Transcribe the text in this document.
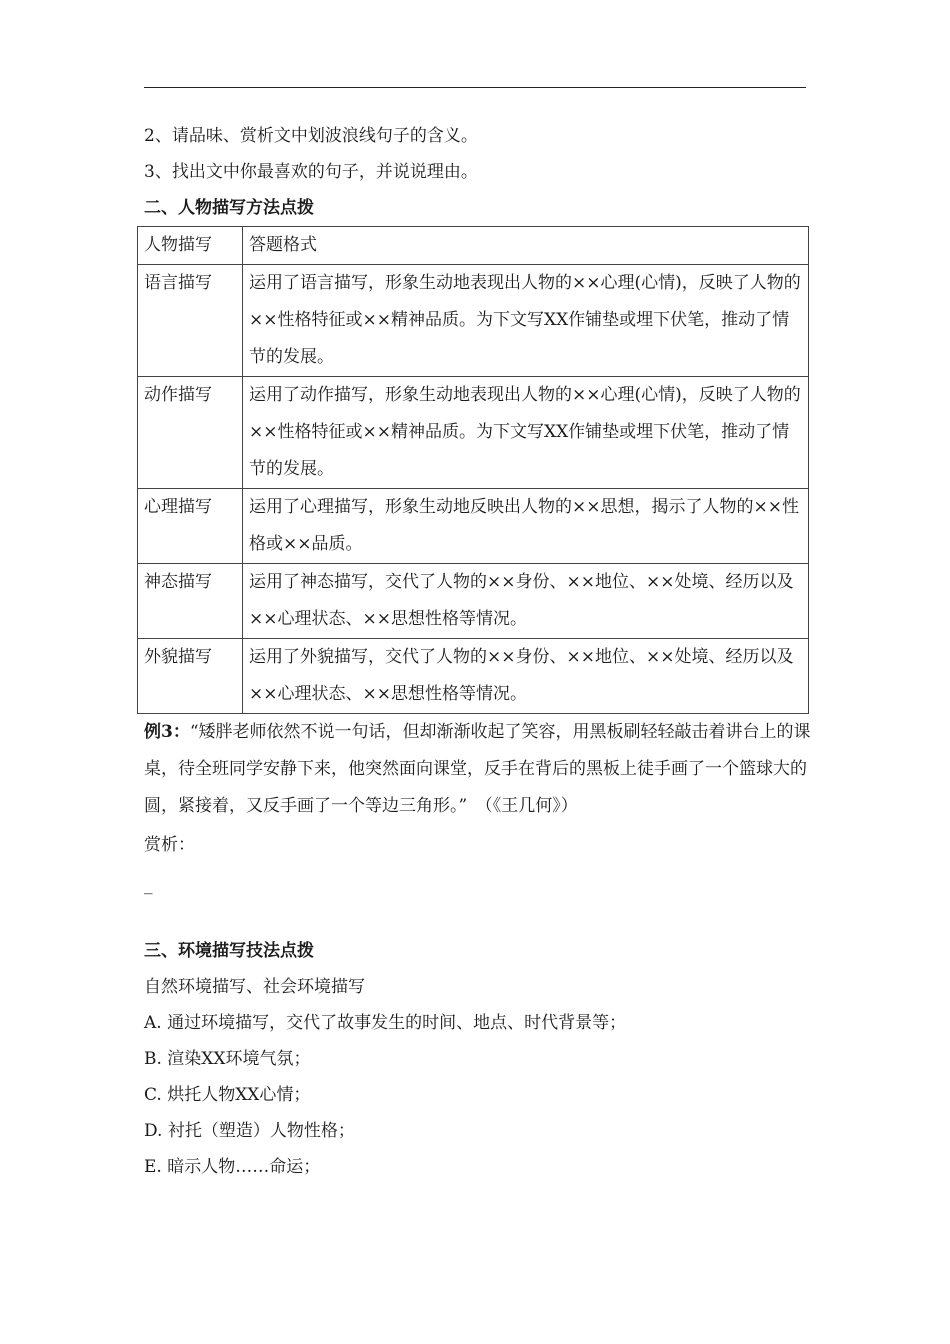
2、请品味、赏析文中划波浪线句子的含义。
3、找出文中你最喜欢的句子，并说说理由。
二、人物描写方法点拨
人物描写	答题格式
语言描写	运用了语言描写，形象生动地表现出人物的××心理(心情)，反映了人物的××性格特征或××精神品质。为下文写XX作铺垫或埋下伏笔，推动了情节的发展。
动作描写	运用了动作描写，形象生动地表现出人物的××心理(心情)，反映了人物的××性格特征或××精神品质。为下文写XX作铺垫或埋下伏笔，推动了情节的发展。
心理描写	运用了心理描写，形象生动地反映出人物的××思想，揭示了人物的××性格或××品质。
神态描写	运用了神态描写，交代了人物的××身份、××地位、××处境、经历以及××心理状态、××思想性格等情况。
外貌描写	运用了外貌描写，交代了人物的××身份、××地位、××处境、经历以及××心理状态、××思想性格等情况。
例3：“矮胖老师依然不说一句话，但却渐渐收起了笑容，用黑板刷轻轻敲击着讲台上的课桌，待全班同学安静下来，他突然面向课堂，反手在背后的黑板上徒手画了一个篮球大的圆，紧接着，又反手画了一个等边三角形。”　（《王几何》）
赏析：
_
三、环境描写技法点拨
自然环境描写、社会环境描写
A. 通过环境描写，交代了故事发生的时间、地点、时代背景等；
B. 渲染XX环境气氛；
C. 烘托人物XX心情；
D. 衬托（塑造）人物性格；
E. 暗示人物……命运；
